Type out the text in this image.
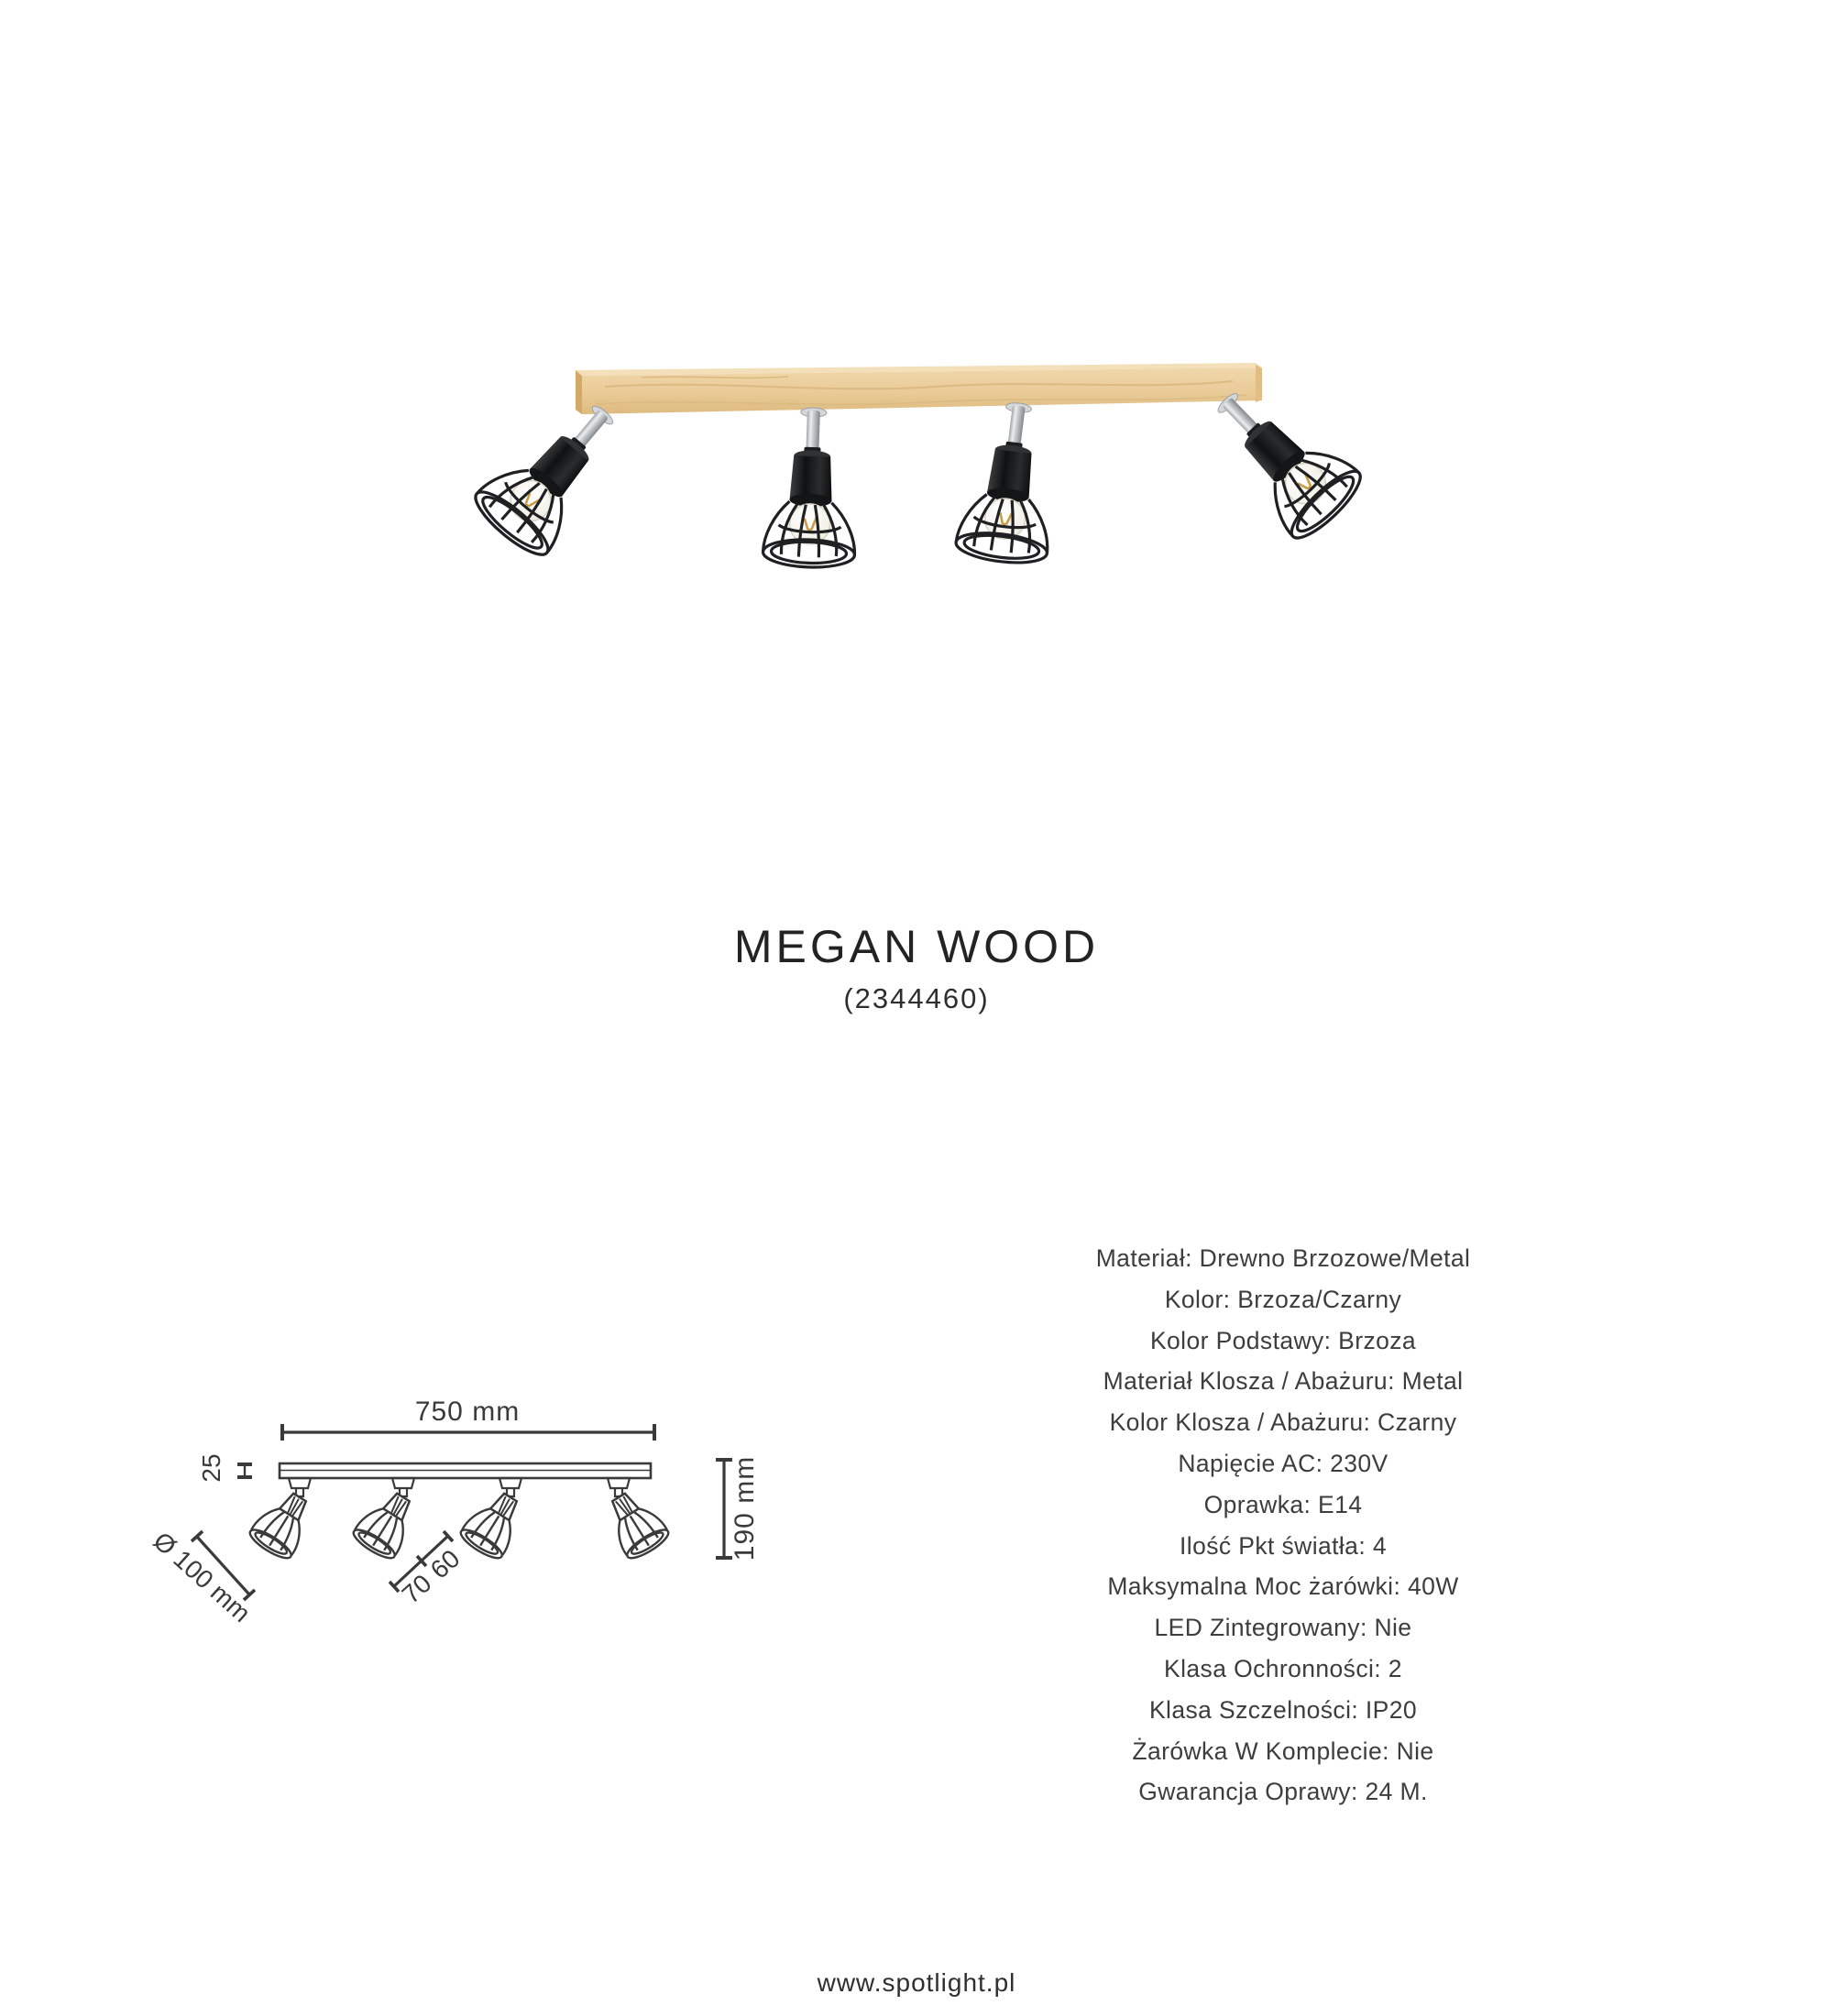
MEGAN WOOD
(2344460)
750 mm
25	190 mm
Ø 100 mm	70
60
Materiał: Drewno Brzozowe/Metal
Kolor: Brzoza/Czarny
Kolor Podstawy: Brzoza
Materiał Klosza / Abażuru: Metal
Kolor Klosza / Abażuru: Czarny
Napięcie AC: 230V
Oprawka: E14
Ilość Pkt światła: 4
Maksymalna Moc żarówki: 40W
LED Zintegrowany: Nie
Klasa Ochronności: 2
Klasa Szczelności: IP20
Żarówka W Komplecie: Nie
Gwarancja Oprawy: 24 M.
www.spotlight.pl
